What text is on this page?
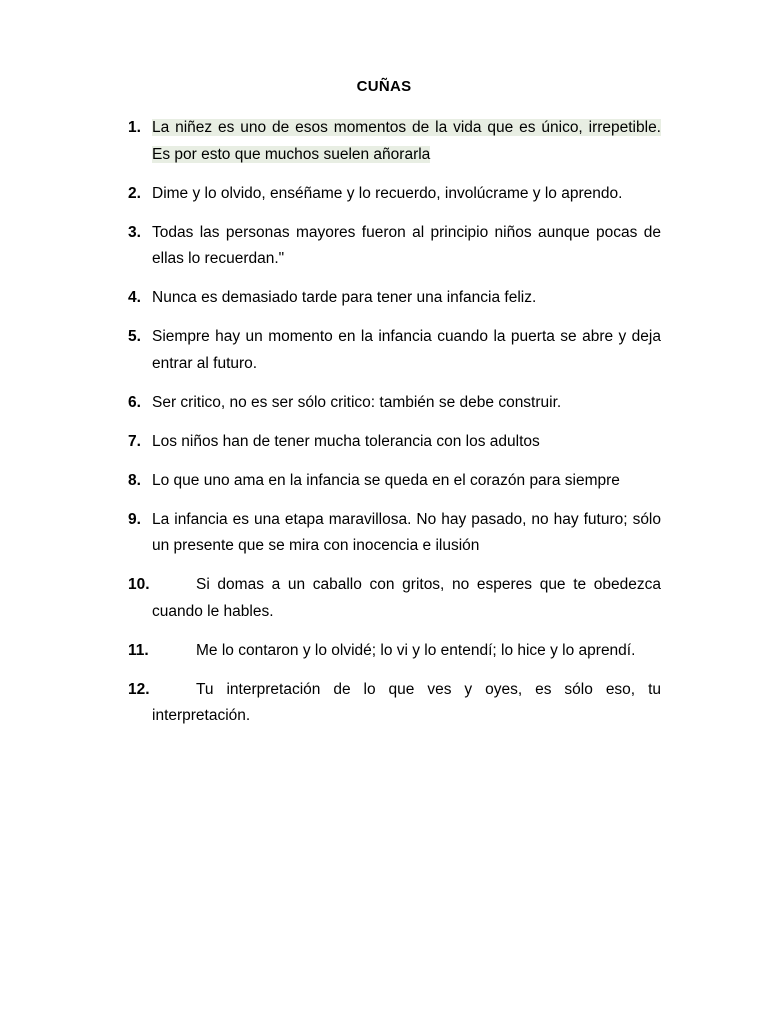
CUÑAS
1. La niñez es uno de esos momentos de la vida que es único, irrepetible. Es por esto que muchos suelen añorarla
2. Dime y lo olvido, enséñame y lo recuerdo, involúcrame y lo aprendo.
3. Todas las personas mayores fueron al principio niños aunque pocas de ellas lo recuerdan."
4. Nunca es demasiado tarde para tener una infancia feliz.
5. Siempre hay un momento en la infancia cuando la puerta se abre y deja entrar al futuro.
6. Ser critico, no es ser sólo critico: también se debe construir.
7. Los niños han de tener mucha tolerancia con los adultos
8. Lo que uno ama en la infancia se queda en el corazón para siempre
9. La infancia es una etapa maravillosa. No hay pasado, no hay futuro; sólo un presente que se mira con inocencia e ilusión
10.	Si domas a un caballo con gritos, no esperes que te obedezca cuando le hables.
11.	Me lo contaron y lo olvidé; lo vi y lo entendí; lo hice y lo aprendí.
12.	Tu interpretación de lo que ves y oyes, es sólo eso, tu interpretación.
